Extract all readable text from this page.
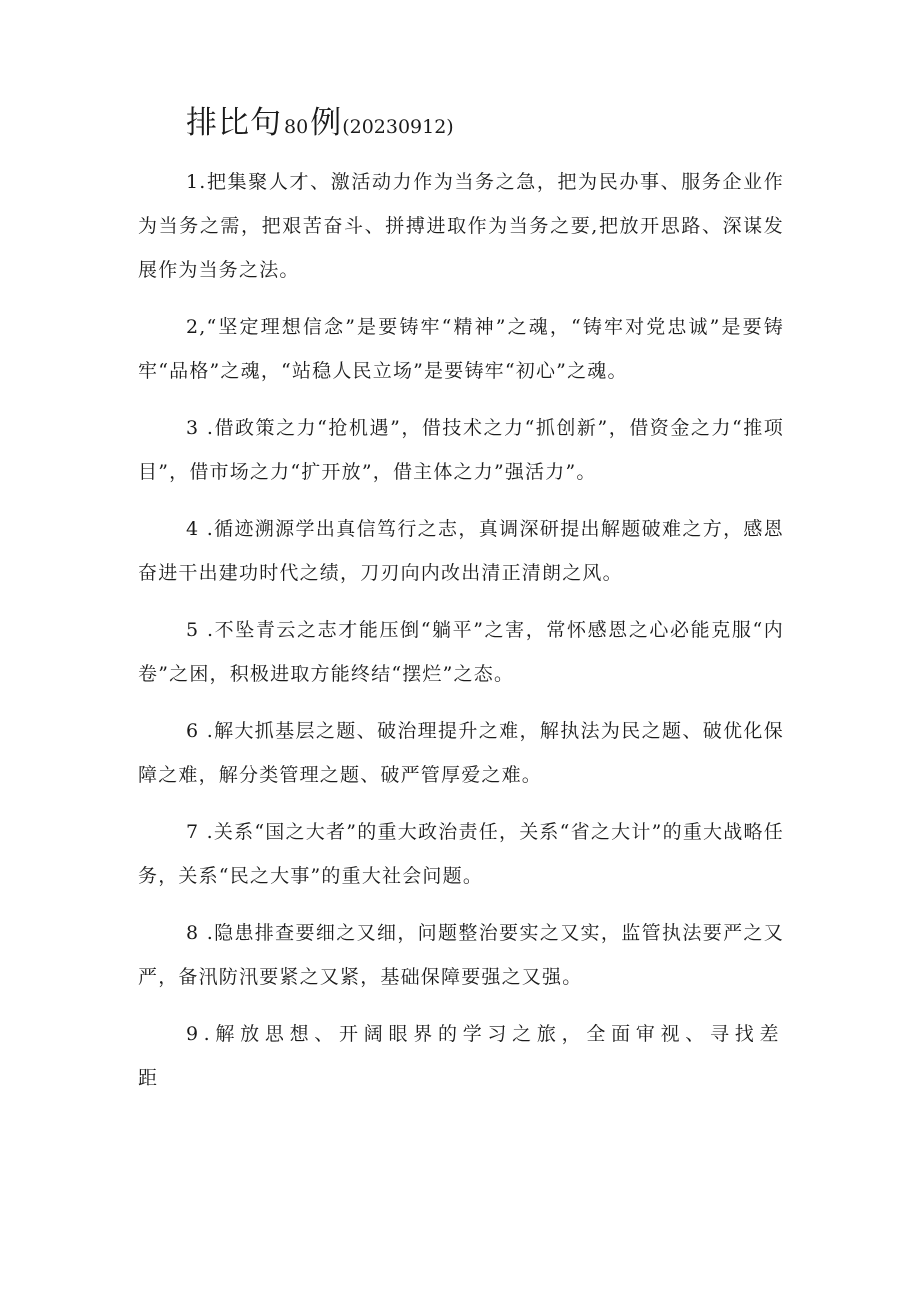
排比句 80例(20230912)

1.把集聚人才、激活动力作为当务之急，把为民办事、服务企业作为当务之需，把艰苦奋斗、拼搏进取作为当务之要,把放开思路、深谋发展作为当务之法。

2,“坚定理想信念”是要铸牢“精神”之魂，“铸牢对党忠诚”是要铸牢“品格”之魂，“站稳人民立场”是要铸牢“初心”之魂。

3 .借政策之力“抢机遇”，借技术之力“抓创新”，借资金之力“推项目”，借市场之力“扩开放”，借主体之力”强活力”。

4 .循迹溯源学出真信笃行之志，真调深研提出解题破难之方，感恩奋进干出建功时代之绩，刀刃向内改出清正清朗之风。

5 .不坠青云之志才能压倒“躺平”之害，常怀感恩之心必能克服“内卷”之困，积极进取方能终结“摆烂”之态。

6 .解大抓基层之题、破治理提升之难，解执法为民之题、破优化保障之难，解分类管理之题、破严管厚爱之难。

7 .关系“国之大者”的重大政治责任，关系“省之大计”的重大战略任务，关系“民之大事”的重大社会问题。

8 .隐患排查要细之又细，问题整治要实之又实，监管执法要严之又严，备汛防汛要紧之又紧，基础保障要强之又强。

9.解放思想、开阔眼界的学习之旅，全面审视、寻找差距
